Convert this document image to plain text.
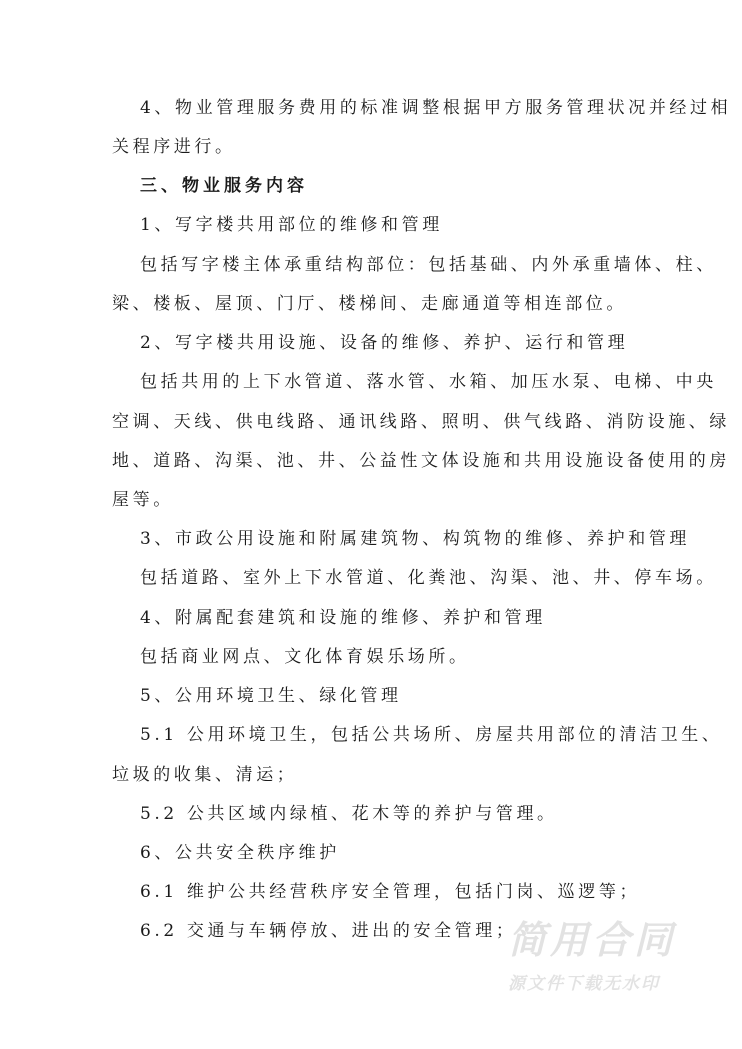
4、物业管理服务费用的标准调整根据甲方服务管理状况并经过相
关程序进行。
三、物业服务内容
1、写字楼共用部位的维修和管理
包括写字楼主体承重结构部位：包括基础、内外承重墙体、柱、
梁、楼板、屋顶、门厅、楼梯间、走廊通道等相连部位。
2、写字楼共用设施、设备的维修、养护、运行和管理
包括共用的上下水管道、落水管、水箱、加压水泵、电梯、中央
空调、天线、供电线路、通讯线路、照明、供气线路、消防设施、绿
地、道路、沟渠、池、井、公益性文体设施和共用设施设备使用的房
屋等。
3、市政公用设施和附属建筑物、构筑物的维修、养护和管理
包括道路、室外上下水管道、化粪池、沟渠、池、井、停车场。
4、附属配套建筑和设施的维修、养护和管理
包括商业网点、文化体育娱乐场所。
5、公用环境卫生、绿化管理
5.1 公用环境卫生，包括公共场所、房屋共用部位的清洁卫生、
垃圾的收集、清运；
5.2 公共区域内绿植、花木等的养护与管理。
6、公共安全秩序维护
6.1 维护公共经营秩序安全管理，包括门岗、巡逻等；
6.2 交通与车辆停放、进出的安全管理；
简用合同
源文件下载无水印
